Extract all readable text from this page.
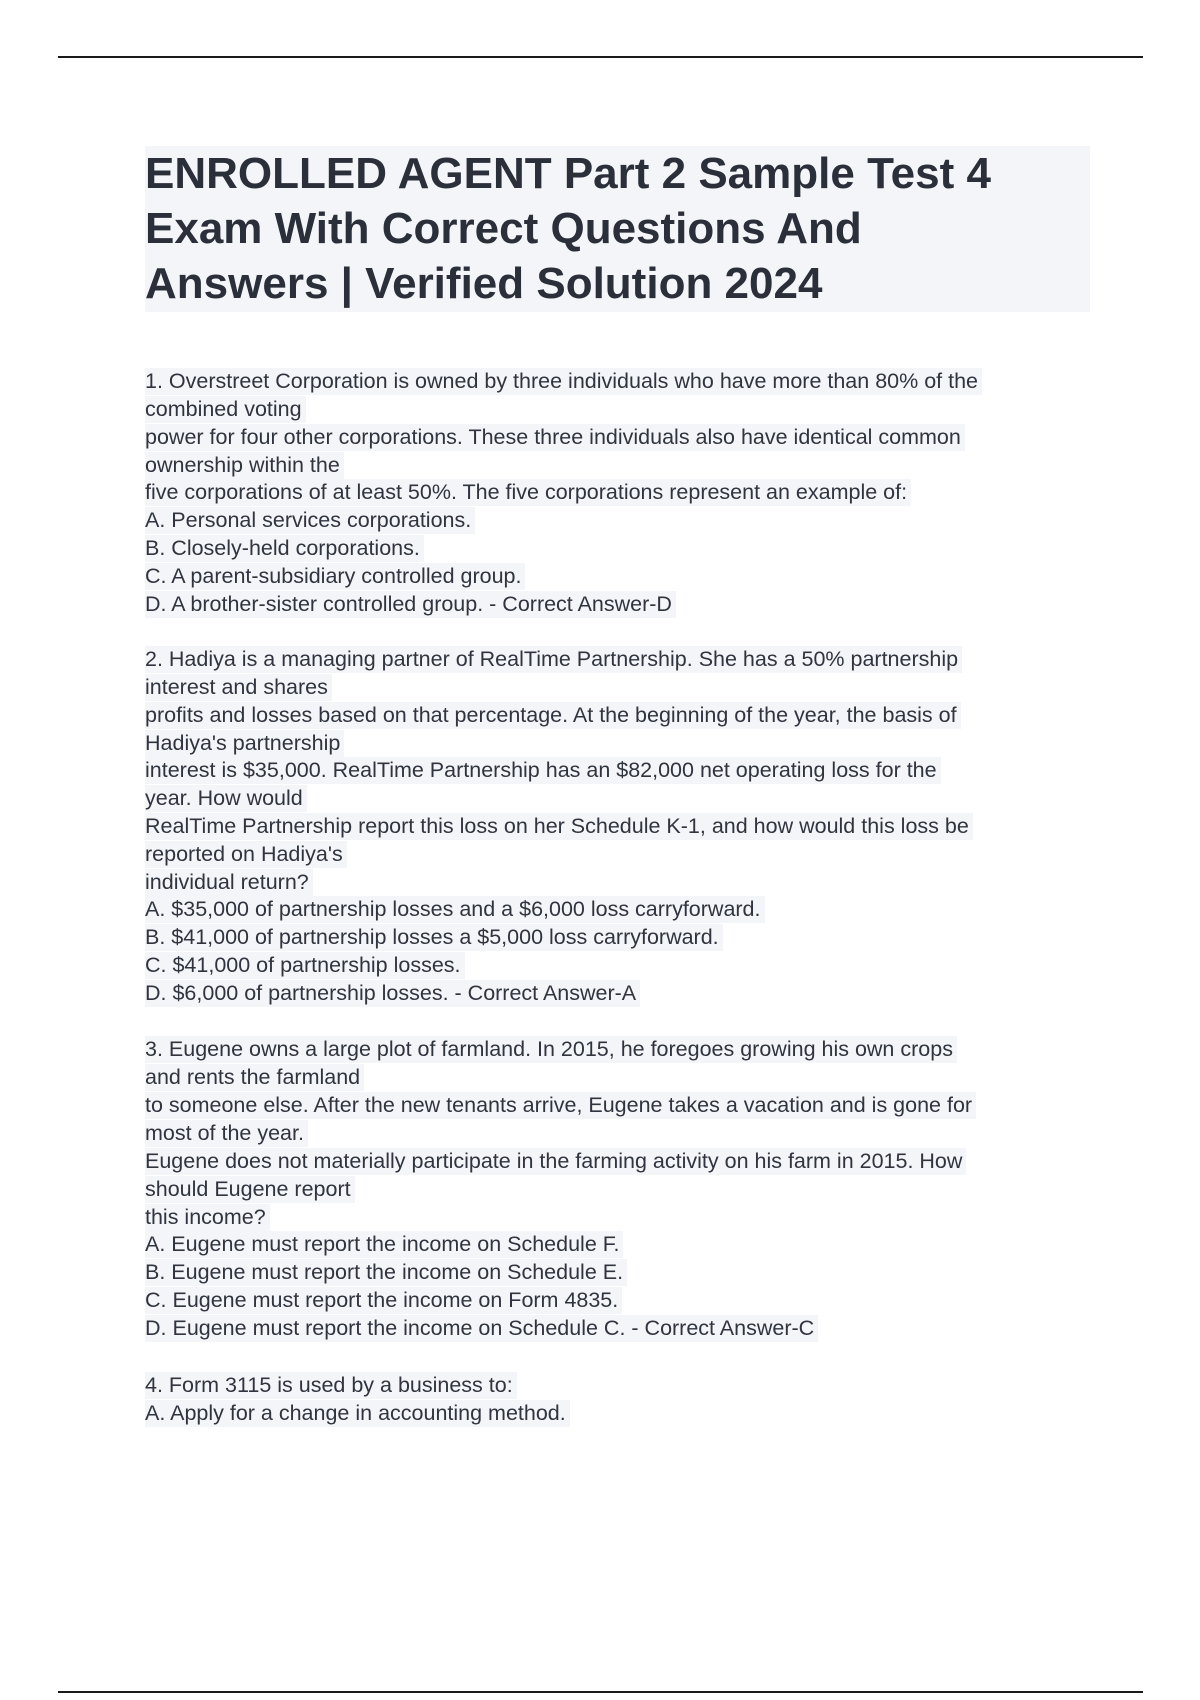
ENROLLED AGENT Part 2 Sample Test 4
Exam With Correct Questions And
Answers | Verified Solution 2024
1. Overstreet Corporation is owned by three individuals who have more than 80% of the
combined voting
power for four other corporations. These three individuals also have identical common
ownership within the
five corporations of at least 50%. The five corporations represent an example of:
A. Personal services corporations.
B. Closely-held corporations.
C. A parent-subsidiary controlled group.
D. A brother-sister controlled group. - Correct Answer-D
2. Hadiya is a managing partner of RealTime Partnership. She has a 50% partnership
interest and shares
profits and losses based on that percentage. At the beginning of the year, the basis of
Hadiya's partnership
interest is $35,000. RealTime Partnership has an $82,000 net operating loss for the
year. How would
RealTime Partnership report this loss on her Schedule K-1, and how would this loss be
reported on Hadiya's
individual return?
A. $35,000 of partnership losses and a $6,000 loss carryforward.
B. $41,000 of partnership losses a $5,000 loss carryforward.
C. $41,000 of partnership losses.
D. $6,000 of partnership losses. - Correct Answer-A
3. Eugene owns a large plot of farmland. In 2015, he foregoes growing his own crops
and rents the farmland
to someone else. After the new tenants arrive, Eugene takes a vacation and is gone for
most of the year.
Eugene does not materially participate in the farming activity on his farm in 2015. How
should Eugene report
this income?
A. Eugene must report the income on Schedule F.
B. Eugene must report the income on Schedule E.
C. Eugene must report the income on Form 4835.
D. Eugene must report the income on Schedule C. - Correct Answer-C
4. Form 3115 is used by a business to:
A. Apply for a change in accounting method.
